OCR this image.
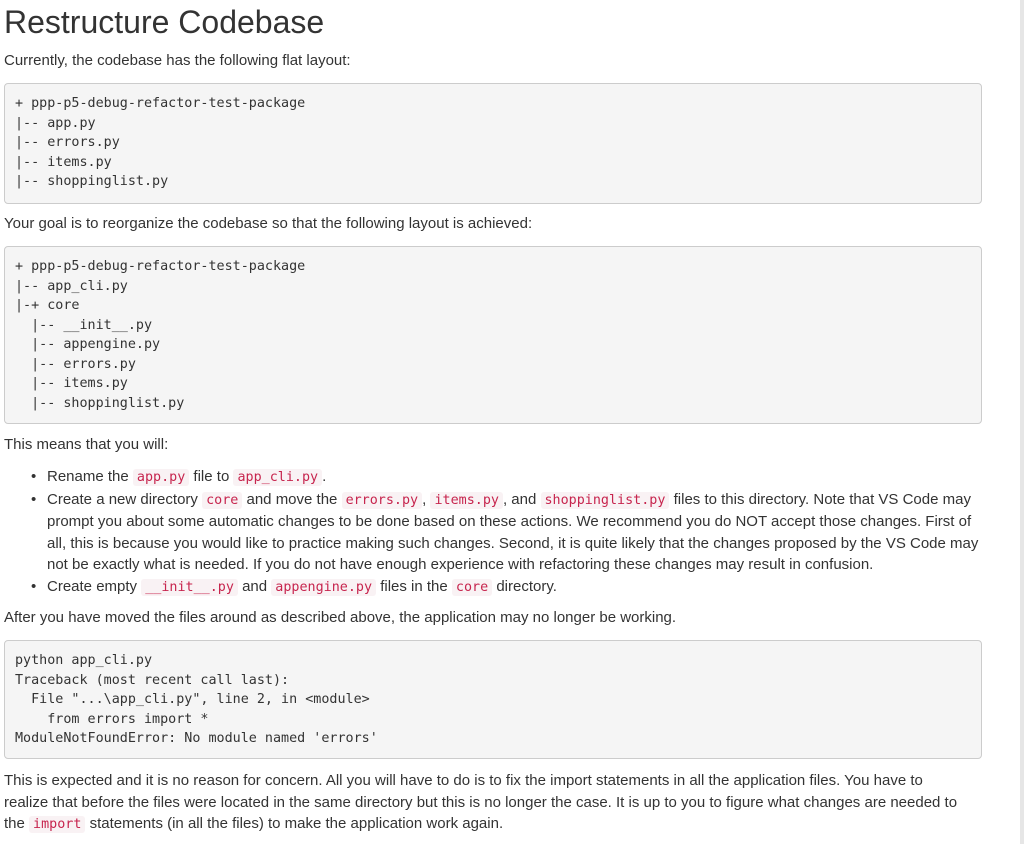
Restructure Codebase

Currently, the codebase has the following flat layout:

+ ppp-p5-debug-refactor-test-package
|-- app.py
|-- errors.py
|-- items.py
|-- shoppinglist.py

Your goal is to reorganize the codebase so that the following layout is achieved:

+ ppp-p5-debug-refactor-test-package
|-- app_cli.py
|-+ core
|-- __init__.py
|-- appengine.py
|-- errors.py
|-- items.py
|-- shoppinglist.py

This means that you will:

• Rename the app.py file to app_cli.py .
• Create a new directory core and move the errors.py , items.py , and shoppinglist.py files to this directory. Note that VS Code may
prompt you about some automatic changes to be done based on these actions. We recommend you do NOT accept those changes. First of
all, this is because you would like to practice making such changes. Second, it is quite likely that the changes proposed by the VS Code may
not be exactly what is needed. If you do not have enough experience with refactoring these changes may result in confusion.
• Create empty __init__.py and appengine.py files in the core directory.

After you have moved the files around as described above, the application may no longer be working.

python app_cli.py
Traceback (most recent call last):
File "...\app_cli.py", line 2, in <module>
from errors import *
ModuleNotFoundError: No module named 'errors'

This is expected and it is no reason for concern. All you will have to do is to fix the import statements in all the application files. You have to
realize that before the files were located in the same directory but this is no longer the case. It is up to you to figure what changes are needed to
the import statements (in all the files) to make the application work again.
